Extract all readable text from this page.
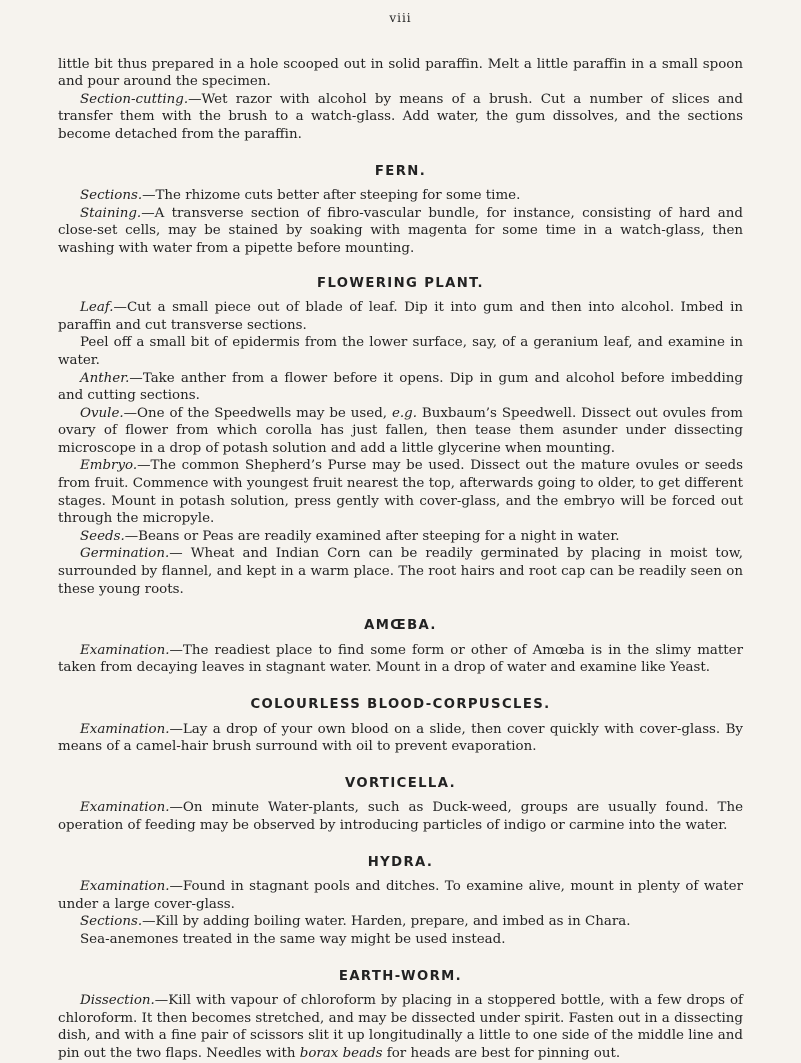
viii

little bit thus prepared in a hole scooped out in solid paraffin. Melt a little paraffin in a small spoon and pour around the specimen.

Section-cutting.—Wet razor with alcohol by means of a brush. Cut a number of slices and transfer them with the brush to a watch-glass. Add water, the gum dissolves, and the sections become detached from the paraffin.

FERN.

Sections.—The rhizome cuts better after steeping for some time.

Staining.—A transverse section of fibro-vascular bundle, for instance, consisting of hard and close-set cells, may be stained by soaking with magenta for some time in a watch-glass, then washing with water from a pipette before mounting.

FLOWERING PLANT.

Leaf.—Cut a small piece out of blade of leaf. Dip it into gum and then into alcohol. Imbed in paraffin and cut transverse sections.

Peel off a small bit of epidermis from the lower surface, say, of a geranium leaf, and examine in water.

Anther.—Take anther from a flower before it opens. Dip in gum and alcohol before imbedding and cutting sections.

Ovule.—One of the Speedwells may be used, e.g. Buxbaum’s Speedwell. Dissect out ovules from ovary of flower from which corolla has just fallen, then tease them asunder under dissecting microscope in a drop of potash solution and add a little glycerine when mounting.

Embryo.—The common Shepherd’s Purse may be used. Dissect out the mature ovules or seeds from fruit. Commence with youngest fruit nearest the top, afterwards going to older, to get different stages. Mount in potash solution, press gently with cover-glass, and the embryo will be forced out through the micropyle.

Seeds.—Beans or Peas are readily examined after steeping for a night in water.

Germination.— Wheat and Indian Corn can be readily germinated by placing in moist tow, surrounded by flannel, and kept in a warm place. The root hairs and root cap can be readily seen on these young roots.

AMŒBA.

Examination.—The readiest place to find some form or other of Amœba is in the slimy matter taken from decaying leaves in stagnant water. Mount in a drop of water and examine like Yeast.

COLOURLESS BLOOD-CORPUSCLES.

Examination.—Lay a drop of your own blood on a slide, then cover quickly with cover-glass. By means of a camel-hair brush surround with oil to prevent evaporation.

VORTICELLA.

Examination.—On minute Water-plants, such as Duck-weed, groups are usually found. The operation of feeding may be observed by introducing particles of indigo or carmine into the water.

HYDRA.

Examination.—Found in stagnant pools and ditches. To examine alive, mount in plenty of water under a large cover-glass.

Sections.—Kill by adding boiling water. Harden, prepare, and imbed as in Chara.

Sea-anemones treated in the same way might be used instead.

EARTH-WORM.

Dissection.—Kill with vapour of chloroform by placing in a stoppered bottle, with a few drops of chloroform. It then becomes stretched, and may be dissected under spirit. Fasten out in a dissecting dish, and with a fine pair of scissors slit it up longitudinally a little to one side of the middle line and pin out the two flaps. Needles with borax beads for heads are best for pinning out.
